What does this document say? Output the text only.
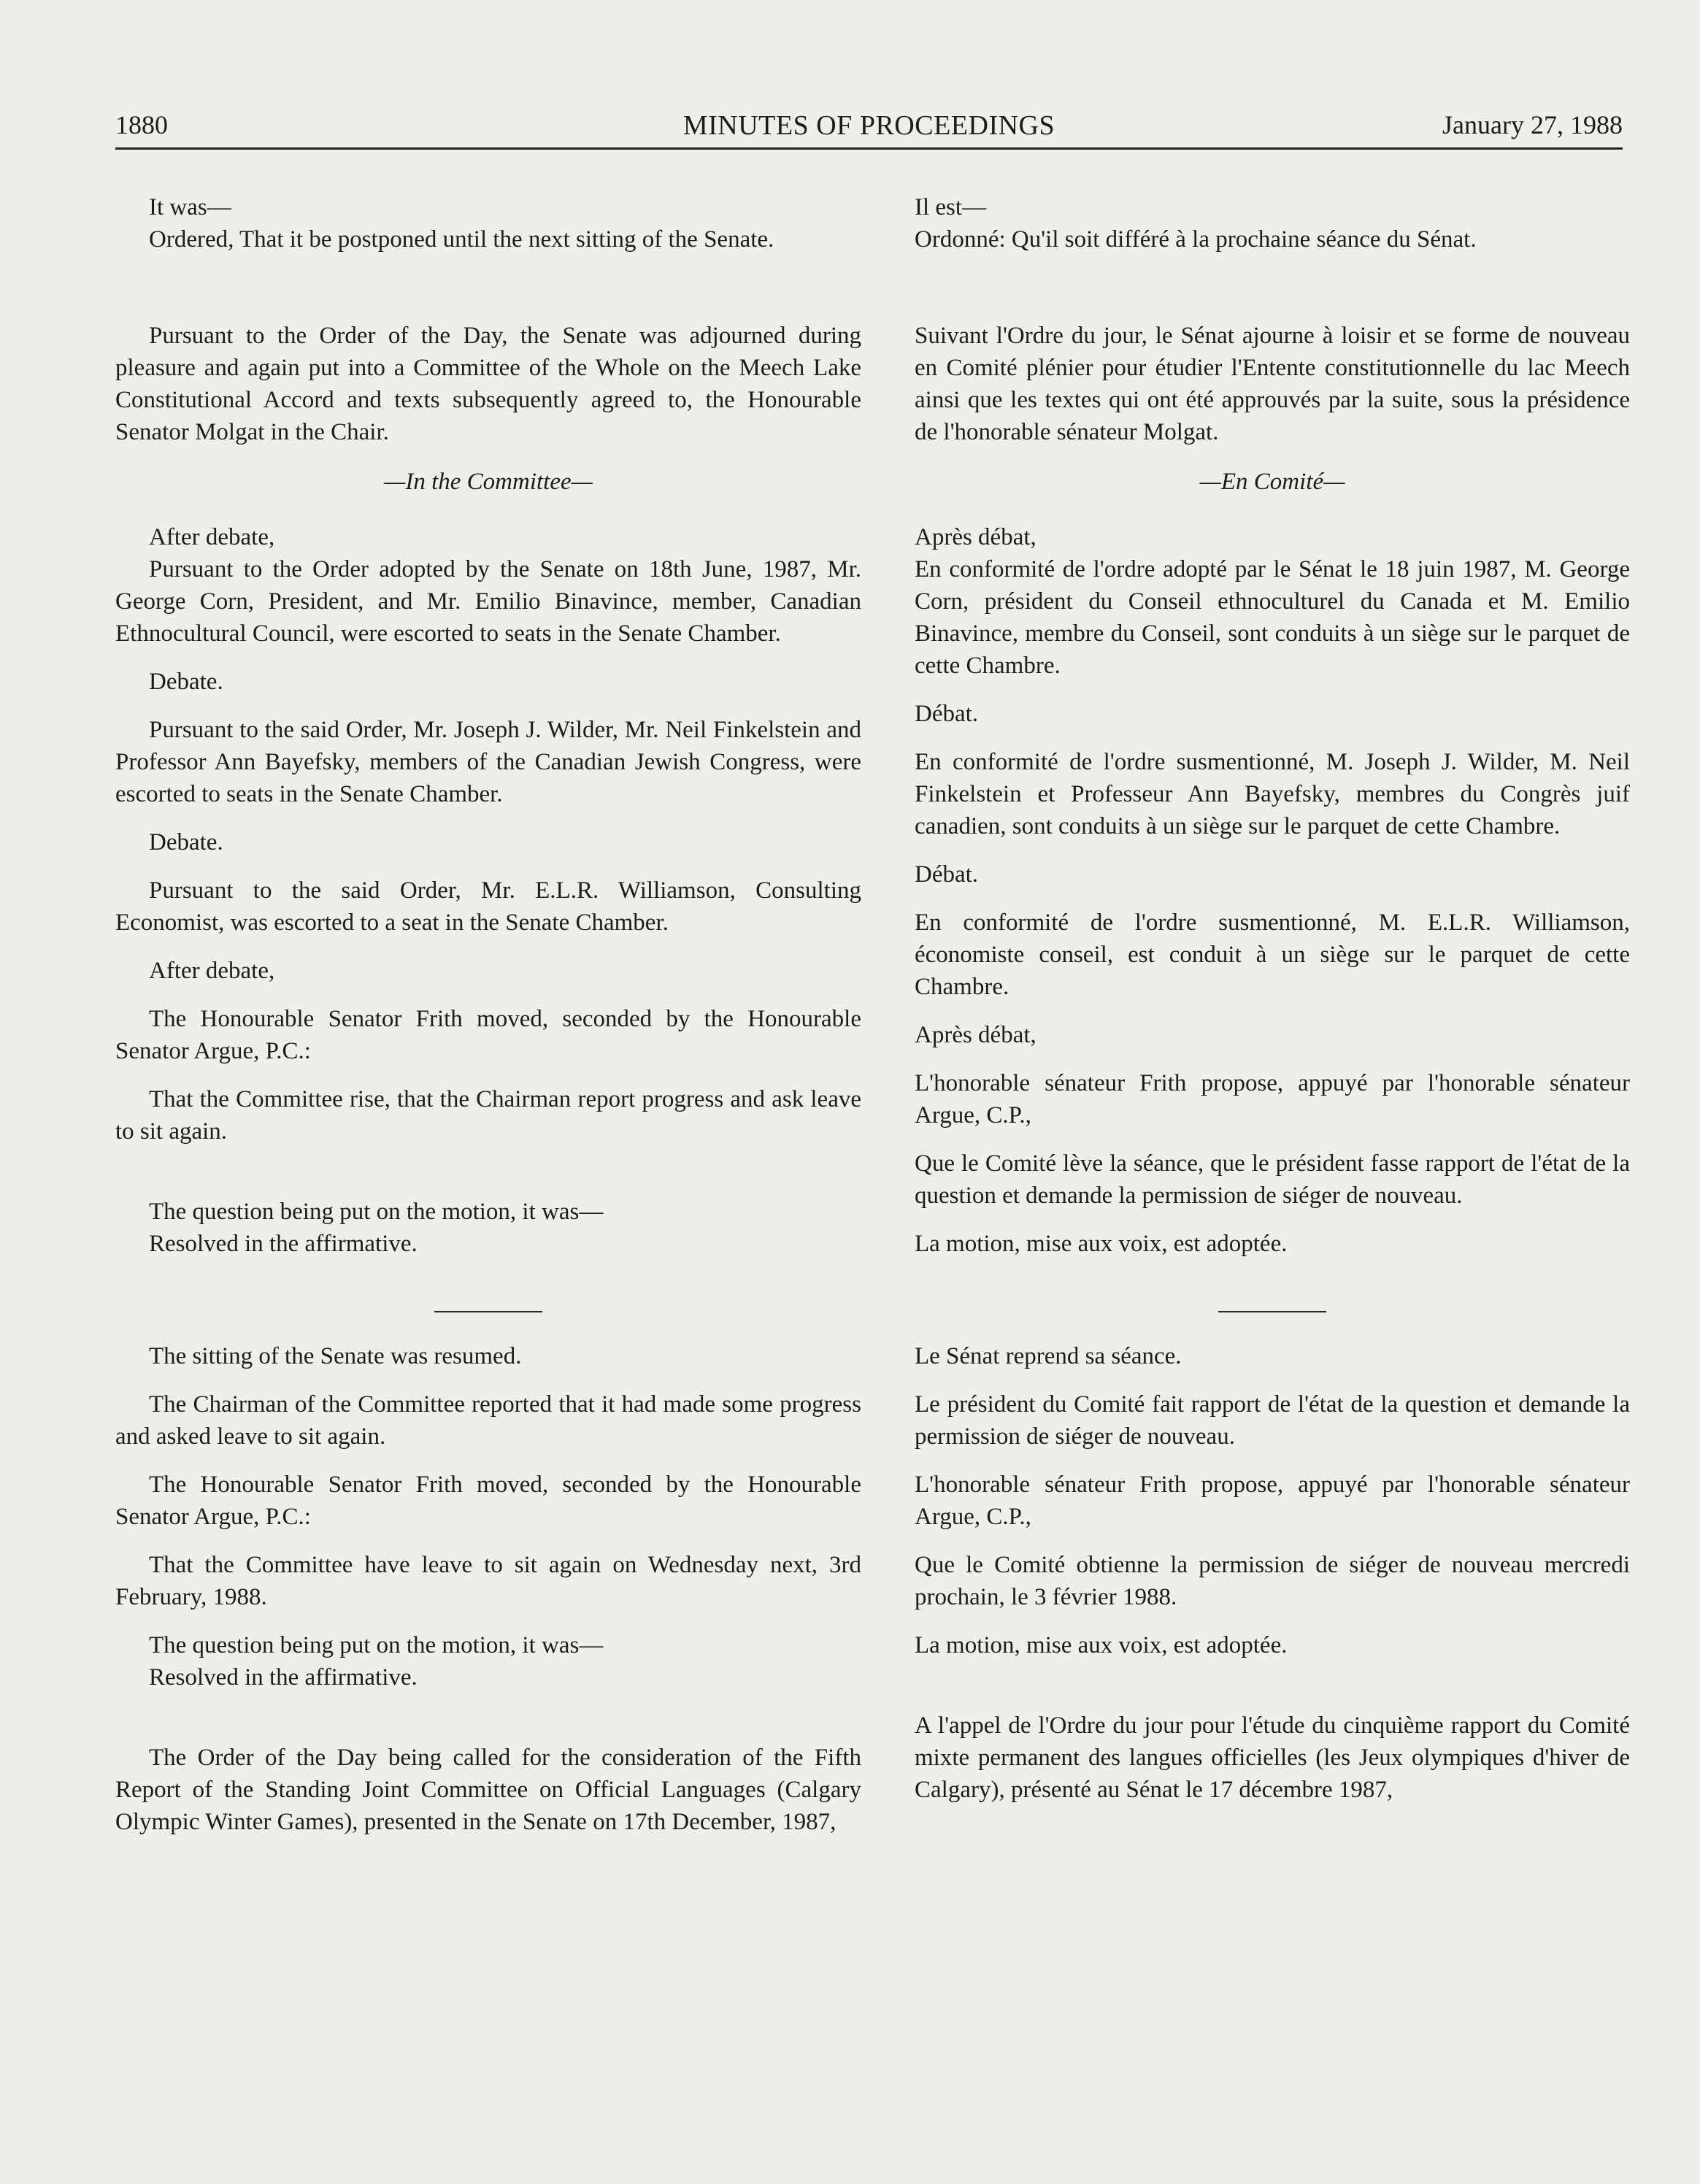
1880	MINUTES OF PROCEEDINGS	January 27, 1988

It was—

Ordered, That it be postponed until the next sitting of the Senate.

Pursuant to the Order of the Day, the Senate was adjourned during pleasure and again put into a Committee of the Whole on the Meech Lake Constitutional Accord and texts subsequently agreed to, the Honourable Senator Molgat in the Chair.

—In the Committee—

After debate,

Pursuant to the Order adopted by the Senate on 18th June, 1987, Mr. George Corn, President, and Mr. Emilio Binavince, member, Canadian Ethnocultural Council, were escorted to seats in the Senate Chamber.

Debate.

Pursuant to the said Order, Mr. Joseph J. Wilder, Mr. Neil Finkelstein and Professor Ann Bayefsky, members of the Canadian Jewish Congress, were escorted to seats in the Senate Chamber.

Debate.

Pursuant to the said Order, Mr. E.L.R. Williamson, Consulting Economist, was escorted to a seat in the Senate Chamber.

After debate,

The Honourable Senator Frith moved, seconded by the Honourable Senator Argue, P.C.:

That the Committee rise, that the Chairman report progress and ask leave to sit again.

The question being put on the motion, it was—

Resolved in the affirmative.

The sitting of the Senate was resumed.

The Chairman of the Committee reported that it had made some progress and asked leave to sit again.

The Honourable Senator Frith moved, seconded by the Honourable Senator Argue, P.C.:

That the Committee have leave to sit again on Wednesday next, 3rd February, 1988.

The question being put on the motion, it was—

Resolved in the affirmative.

The Order of the Day being called for the consideration of the Fifth Report of the Standing Joint Committee on Official Languages (Calgary Olympic Winter Games), presented in the Senate on 17th December, 1987,

Il est—

Ordonné: Qu'il soit différé à la prochaine séance du Sénat.

Suivant l'Ordre du jour, le Sénat ajourne à loisir et se forme de nouveau en Comité plénier pour étudier l'Entente constitutionnelle du lac Meech ainsi que les textes qui ont été approuvés par la suite, sous la présidence de l'honorable sénateur Molgat.

—En Comité—

Après débat,

En conformité de l'ordre adopté par le Sénat le 18 juin 1987, M. George Corn, président du Conseil ethnoculturel du Canada et M. Emilio Binavince, membre du Conseil, sont conduits à un siège sur le parquet de cette Chambre.

Débat.

En conformité de l'ordre susmentionné, M. Joseph J. Wilder, M. Neil Finkelstein et Professeur Ann Bayefsky, membres du Congrès juif canadien, sont conduits à un siège sur le parquet de cette Chambre.

Débat.

En conformité de l'ordre susmentionné, M. E.L.R. Williamson, économiste conseil, est conduit à un siège sur le parquet de cette Chambre.

Après débat,

L'honorable sénateur Frith propose, appuyé par l'honorable sénateur Argue, C.P.,

Que le Comité lève la séance, que le président fasse rapport de l'état de la question et demande la permission de siéger de nouveau.

La motion, mise aux voix, est adoptée.

Le Sénat reprend sa séance.

Le président du Comité fait rapport de l'état de la question et demande la permission de siéger de nouveau.

L'honorable sénateur Frith propose, appuyé par l'honorable sénateur Argue, C.P.,

Que le Comité obtienne la permission de siéger de nouveau mercredi prochain, le 3 février 1988.

La motion, mise aux voix, est adoptée.

A l'appel de l'Ordre du jour pour l'étude du cinquième rapport du Comité mixte permanent des langues officielles (les Jeux olympiques d'hiver de Calgary), présenté au Sénat le 17 décembre 1987,
